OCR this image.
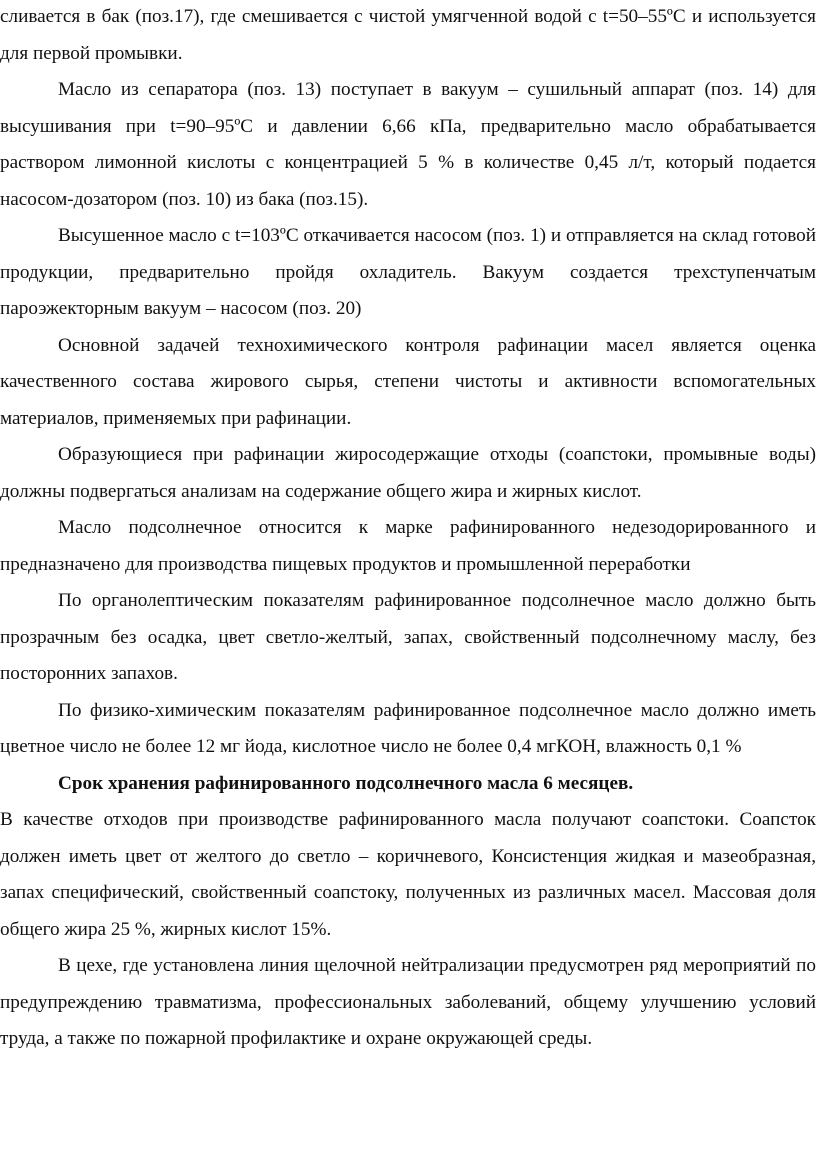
сливается в бак (поз.17), где смешивается с чистой умягченной водой с t=50–55ºС и используется для первой промывки.

Масло из сепаратора (поз. 13) поступает в вакуум – сушильный аппарат (поз. 14) для высушивания при t=90–95ºС и давлении 6,66 кПа, предварительно масло обрабатывается раствором лимонной кислоты с концентрацией 5 % в количестве 0,45 л/т, который подается насосом-дозатором (поз. 10) из бака (поз.15).

Высушенное масло с t=103ºС откачивается насосом (поз. 1) и отправляется на склад готовой продукции, предварительно пройдя охладитель. Вакуум создается трехступенчатым пароэжекторным вакуум – насосом (поз. 20)

Основной задачей технохимического контроля рафинации масел является оценка качественного состава жирового сырья, степени чистоты и активности вспомогательных материалов, применяемых при рафинации.

Образующиеся при рафинации жиросодержащие отходы (соапстоки, промывные воды) должны подвергаться анализам на содержание общего жира и жирных кислот.

Масло подсолнечное относится к марке рафинированного недезодорированного и предназначено для производства пищевых продуктов и промышленной переработки

По органолептическим показателям рафинированное подсолнечное масло должно быть прозрачным без осадка, цвет светло-желтый, запах, свойственный подсолнечному маслу, без посторонних запахов.

По физико-химическим показателям рафинированное подсолнечное масло должно иметь цветное число не более 12 мг йода, кислотное число не более 0,4 мгКОН, влажность 0,1 %

Срок хранения рафинированного подсолнечного масла 6 месяцев.

В качестве отходов при производстве рафинированного масла получают соапстоки. Соапсток должен иметь цвет от желтого до светло – коричневого, Консистенция жидкая и мазеобразная, запах специфический, свойственный соапстоку, полученных из различных масел. Массовая доля общего жира 25 %, жирных кислот 15%.

В цехе, где установлена линия щелочной нейтрализации предусмотрен ряд мероприятий по предупреждению травматизма, профессиональных заболеваний, общему улучшению условий труда, а также по пожарной профилактике и охране окружающей среды.
